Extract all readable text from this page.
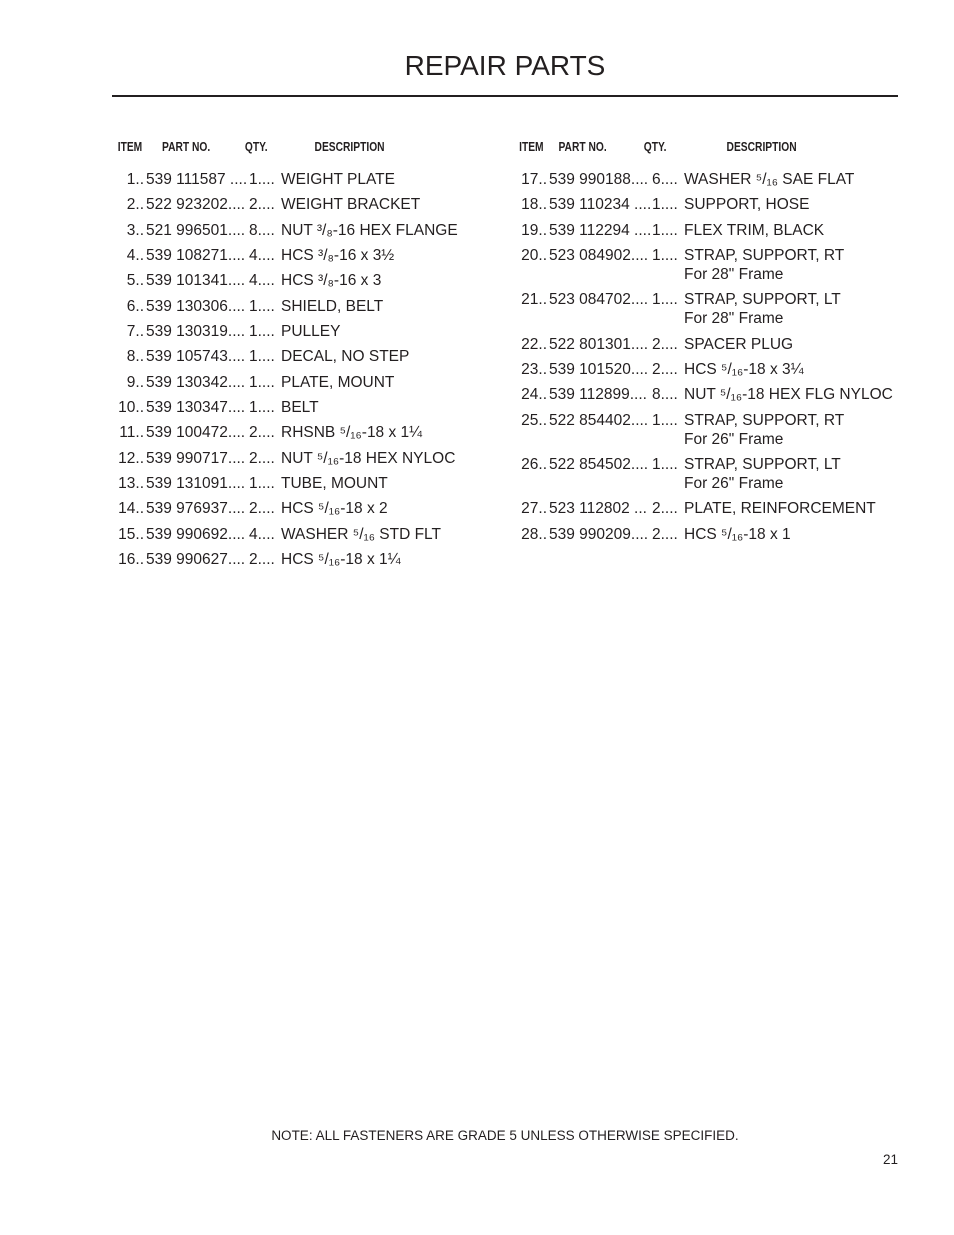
REPAIR PARTS
ITEM PART NO.	QTY.	DESCRIPTION
1.. 539 111587 .... 1.... WEIGHT PLATE
2.. 522 923202.... 2.... WEIGHT BRACKET
3.. 521 996501.... 8.... NUT ³/₈-16 HEX FLANGE
4.. 539 108271.... 4.... HCS ³/₈-16 x 3½
5.. 539 101341.... 4.... HCS ³/₈-16 x 3
6.. 539 130306.... 1.... SHIELD, BELT
7.. 539 130319.... 1.... PULLEY
8.. 539 105743.... 1.... DECAL, NO STEP
9.. 539 130342.... 1.... PLATE, MOUNT
10.. 539 130347.... 1.... BELT
11.. 539 100472.... 2.... RHSNB ⁵/₁₆-18 x 1¼
12.. 539 990717.... 2.... NUT ⁵/₁₆-18 HEX NYLOC
13.. 539 131091.... 1.... TUBE, MOUNT
14.. 539 976937.... 2.... HCS ⁵/₁₆-18 x 2
15.. 539 990692.... 4.... WASHER ⁵/₁₆ STD FLT
16.. 539 990627.... 2.... HCS ⁵/₁₆-18 x 1¼
ITEM PART NO.	QTY.	DESCRIPTION
17.. 539 990188.... 6.... WASHER ⁵/₁₆ SAE FLAT
18.. 539 110234 .... 1.... SUPPORT, HOSE
19.. 539 112294 .... 1.... FLEX TRIM, BLACK
20.. 523 084902.... 1.... STRAP, SUPPORT, RT
For 28" Frame
21.. 523 084702.... 1.... STRAP, SUPPORT, LT
For 28" Frame
22.. 522 801301.... 2.... SPACER PLUG
23.. 539 101520.... 2.... HCS ⁵/₁₆-18 x 3¼
24.. 539 112899.... 8.... NUT ⁵/₁₆-18 HEX FLG NYLOC
25.. 522 854402.... 1.... STRAP, SUPPORT, RT
For 26" Frame
26.. 522 854502.... 1.... STRAP, SUPPORT, LT
For 26" Frame
27.. 523 112802 ... 2.... PLATE, REINFORCEMENT
28.. 539 990209.... 2.... HCS ⁵/₁₆-18 x 1
NOTE: ALL FASTENERS ARE GRADE 5 UNLESS OTHERWISE SPECIFIED.
21
